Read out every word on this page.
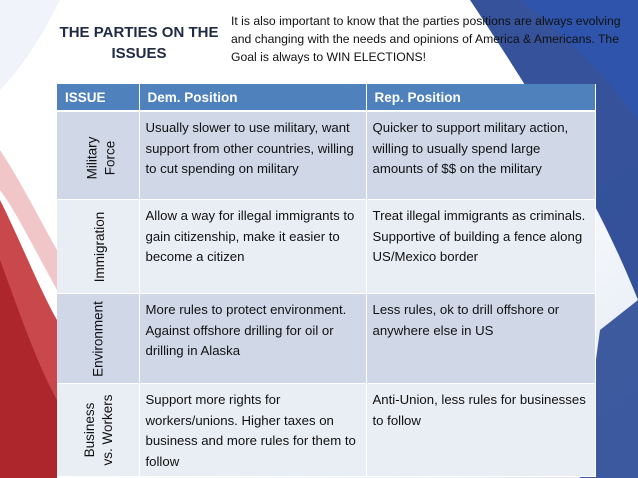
THE PARTIES ON THE ISSUES
It is also important to know that the parties positions are always evolving and changing with the needs and opinions of America & Americans. The Goal is always to WIN ELECTIONS!
ISSUE	Dem. Position	Rep. Position

Military Force	Usually slower to use military, want support from other countries, willing to cut spending on military	Quicker to support military action, willing to usually spend large amounts of $$ on the military

Immigration	Allow a way for illegal immigrants to gain citizenship, make it easier to become a citizen	Treat illegal immigrants as criminals. Supportive of building a fence along US/Mexico border

Environment	More rules to protect environment. Against offshore drilling for oil or drilling in Alaska	Less rules, ok to drill offshore or anywhere else in US

Business vs. Workers	Support more rights for workers/unions. Higher taxes on business and more rules for them to follow	Anti-Union, less rules for businesses to follow
